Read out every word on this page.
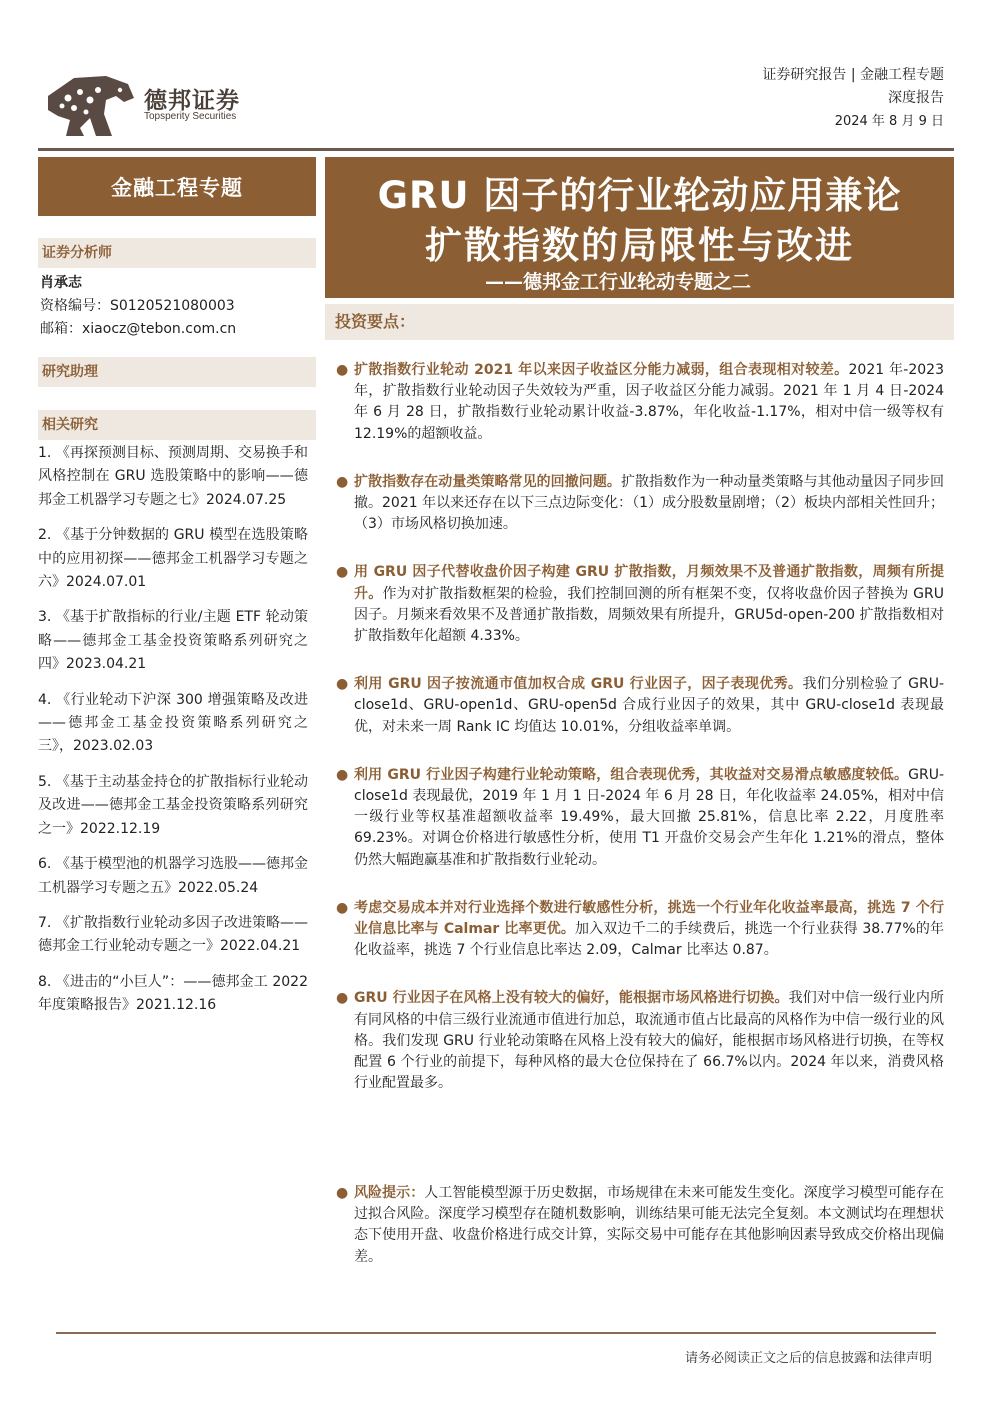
德邦证券
Topsperity Securities
证券研究报告 | 金融工程专题
深度报告
2024 年 8 月 9 日
金融工程专题
证券分析师
肖承志
资格编号：S0120521080003
邮箱：xiaocz@tebon.com.cn
研究助理
相关研究
1. 《再探预测目标、预测周期、交易换手和风格控制在 GRU 选股策略中的影响——德邦金工机器学习专题之七》2024.07.25
2. 《基于分钟数据的 GRU 模型在选股策略中的应用初探——德邦金工机器学习专题之六》2024.07.01
3. 《基于扩散指标的行业/主题 ETF 轮动策略——德邦金工基金投资策略系列研究之四》2023.04.21
4. 《行业轮动下沪深 300 增强策略及改进 ——德邦金工基金投资策略系列研究之三》，2023.02.03
5. 《基于主动基金持仓的扩散指标行业轮动及改进——德邦金工基金投资策略系列研究之一》2022.12.19
6. 《基于模型池的机器学习选股——德邦金工机器学习专题之五》2022.05.24
7. 《扩散指数行业轮动多因子改进策略——德邦金工行业轮动专题之一》2022.04.21
8. 《进击的“小巨人”：——德邦金工 2022 年度策略报告》2021.12.16
GRU 因子的行业轮动应用兼论
扩散指数的局限性与改进
——德邦金工行业轮动专题之二
投资要点：
● 扩散指数行业轮动 2021 年以来因子收益区分能力减弱，组合表现相对较差。2021 年-2023 年，扩散指数行业轮动因子失效较为严重，因子收益区分能力减弱。2021 年 1 月 4 日-2024 年 6 月 28 日，扩散指数行业轮动累计收益-3.87%，年化收益-1.17%，相对中信一级等权有 12.19%的超额收益。
● 扩散指数存在动量类策略常见的回撤问题。扩散指数作为一种动量类策略与其他动量因子同步回撤。2021 年以来还存在以下三点边际变化：（1）成分股数量剧增；（2）板块内部相关性回升；（3）市场风格切换加速。
● 用 GRU 因子代替收盘价因子构建 GRU 扩散指数，月频效果不及普通扩散指数，周频有所提升。作为对扩散指数框架的检验，我们控制回测的所有框架不变，仅将收盘价因子替换为 GRU 因子。月频来看效果不及普通扩散指数，周频效果有所提升，GRU5d-open-200 扩散指数相对扩散指数年化超额 4.33%。
● 利用 GRU 因子按流通市值加权合成 GRU 行业因子，因子表现优秀。我们分别检验了 GRU-close1d、GRU-open1d、GRU-open5d 合成行业因子的效果，其中 GRU-close1d 表现最优，对未来一周 Rank IC 均值达 10.01%，分组收益率单调。
● 利用 GRU 行业因子构建行业轮动策略，组合表现优秀，其收益对交易滑点敏感度较低。GRU-close1d 表现最优，2019 年 1 月 1 日-2024 年 6 月 28 日，年化收益率 24.05%，相对中信一级行业等权基准超额收益率 19.49%，最大回撤 25.81%，信息比率 2.22，月度胜率 69.23%。对调仓价格进行敏感性分析，使用 T1 开盘价交易会产生年化 1.21%的滑点，整体仍然大幅跑赢基准和扩散指数行业轮动。
● 考虑交易成本并对行业选择个数进行敏感性分析，挑选一个行业年化收益率最高，挑选 7 个行业信息比率与 Calmar 比率更优。加入双边千二的手续费后，挑选一个行业获得 38.77%的年化收益率，挑选 7 个行业信息比率达 2.09，Calmar 比率达 0.87。
● GRU 行业因子在风格上没有较大的偏好，能根据市场风格进行切换。我们对中信一级行业内所有同风格的中信三级行业流通市值进行加总，取流通市值占比最高的风格作为中信一级行业的风格。我们发现 GRU 行业轮动策略在风格上没有较大的偏好，能根据市场风格进行切换，在等权配置 6 个行业的前提下，每种风格的最大仓位保持在了 66.7%以内。2024 年以来，消费风格行业配置最多。
● 风险提示：人工智能模型源于历史数据，市场规律在未来可能发生变化。深度学习模型可能存在过拟合风险。深度学习模型存在随机数影响，训练结果可能无法完全复刻。本文测试均在理想状态下使用开盘、收盘价格进行成交计算，实际交易中可能存在其他影响因素导致成交价格出现偏差。
请务必阅读正文之后的信息披露和法律声明
